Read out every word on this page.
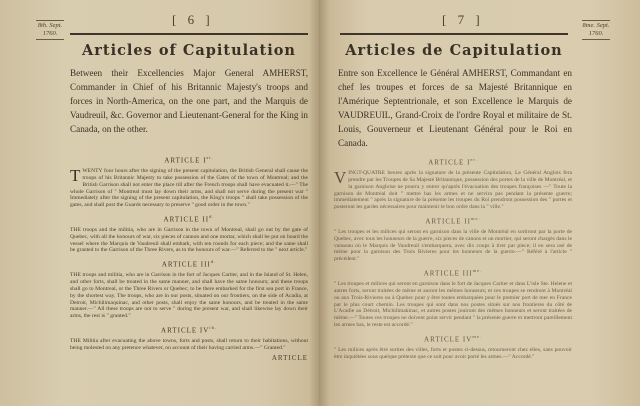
8th. Sept.
1760.
[ 6 ]
Articles of Capitulation
Between their Excellencies Major General AMHERST, Commander in Chief of his Britannic Majesty's troops and forces in North-America, on the one part, and the Marquis de Vaudreuil, &c. Governor and Lieutenant-General for the King in Canada, on the other.
ARTICLE $I^{st.}$

TWENTY four hours after the signing of the present capitulation, the British General shall cause the troops of his Britannic Majesty to take possession of the Gates of the town of Montreal; and the British Garrison shall not enter the place till after the French troops shall have evacuated it.—" The whole Garrison of " Montreal must lay down their arms, and shall not serve during the present war " Immediately after the signing of the present capitulation, the King's troops " shall take possession of the gates, and shall post the Guards necessary to preserve " good order in the town."

ARTICLE $II^{d.}$

THE troops and the militia, who are in Garrison in the town of Montreal, shall go out by the gate of Quebec, with all the honours of war, six pieces of cannon and one mortar, which shall be put on board the vessel where the Marquis de Vaudreuil shall embark, with ten rounds for each piece; and the same shall be granted to the Garrison of the Three Rivers, as to the honours of war.—" Referred to the " next article."

ARTICLE $III^{d.}$

THE troops and militia, who are in Garrison in the fort of Jacques Cartier, and in the Island of St. Helen, and other forts, shall be treated in the same manner, and shall have the same honours; and these troops shall go to Montreal, or the Three Rivers or Quebec; to be there embarked for the first sea port in France, by the shortest way. The troops, who are in our posts, situated on our frontiers, on the side of Acadia, at Detroit, Michilimaquinac, and other posts, shall enjoy the same honours, and be treated in the same manner.—" All these troops are not to serve " during the present war, and shall likewise lay down their arms, the rest is " granted."

ARTICLE $IV^{th.}$

THE Militia after evacuating the above towns, forts and posts, shall return to their habitations, without being molested on any pretence whatever, on account of their having carried arms.—" Granted."

ARTICLE
[ 7 ]	8me. Sept.
1760.
Articles de Capitulation
Entre son Excellence le Général AMHERST, Commandant en chef les troupes et forces de sa Majesté Britannique en l'Amérique Septentrionale, et son Excellence le Marquis de VAUDREUIL, Grand-Croix de l'ordre Royal et militaire de St. Louis, Gouverneur et Lieutenant Général pour le Roi en Canada.
ARTICLE $I^{er.}$

VINGT-QUATRE heures après la signature de la présente Capitulation, Le Général Anglois fera prendre par les Troupes de Sa Majesté Britannique, possession des portes de la ville de Montréal, et la garnison Angloise ne pourra y entrer qu'après l'évacuation des troupes françoises —" Toute la garnison de Montréal doit " mettre bas les armes et ne servira pas pendant la présente guerre; immédiatement " après la signature de la présente les troupes du Roi prendront possession des " portes et posteront les gardes nécessaires pour maintenir le bon ordre dans la " ville."

ARTICLE $II^{me.}$

" Les troupes et les milices qui seront en garnison dans la ville de Montréal en sortiront par la porte de Quebec, avec tous les honneurs de la guerre, six pieces de canons et un mortier, qui seront chargés dans le vaisseau où le Marquis de Vaudreuil s'embarquera, avec dix coups à tirer par piece; il en sera usé de même pour la garnison des Trois Rivieres pour les honneurs de la guerre.—" Référé à l'article " précédent."

ARTICLE $III^{me.}$

" Les troupes et milices qui seront en garnison dans le fort de Jacques Cartier et dans L'isle Ste. Helene et autres forts, seront traitées de même et auront les mêmes honneurs; et ces troupes se rendront à Montréal ou aux Trois-Rivieres ou à Quebec pour y être toutes embarquées pour le premier port de mer en France par le plus court chemin. Les troupes qui sont dans nos postes situés sur nos frontieres du côté de L'Acadie au Détroit, Michilimakinac, et autres postes jouiront des mêmes honneurs et seront traitées de même.—" Toutes ces troupes ne doivent point servir pendant " la présente guerre et mettront pareillement les armes bas, le reste est accordé."

ARTICLE $IV^{me.}$

" Les milices après être sorties des villes, forts et postes ci-dessus, retourneront chez elles, sans pouvoir être inquiétées sous quelque prétexte que ce soit pour avoir porté les armes.—" Accordé."
